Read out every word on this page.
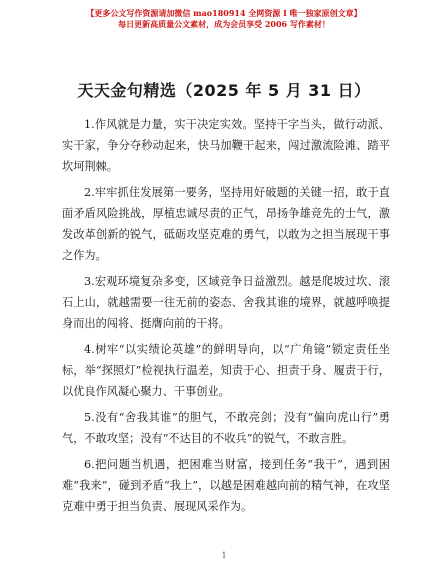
【更多公文写作资源请加微信 mao180914 全网资源 I 唯一独家原创文章】
每日更新高质量公文素材，成为会员享受 2006 写作素材！
天天金句精选（2025 年 5 月 31 日）

1.作风就是力量，实干决定实效。坚持干字当头，做行动派、实干家，争分夺秒动起来，快马加鞭干起来，闯过激流险滩、踏平坎坷荆棘。

2.牢牢抓住发展第一要务，坚持用好破题的关键一招，敢于直面矛盾风险挑战，厚植忠诚尽责的正气，昂扬争雄竞先的士气，激发改革创新的锐气，砥砺攻坚克难的勇气，以敢为之担当展现干事之作为。

3.宏观环境复杂多变，区域竞争日益激烈。越是爬坡过坎、滚石上山，就越需要一往无前的姿态、舍我其谁的境界，就越呼唤提身而出的闯将、挺膺向前的干将。

4.树牢“以实绩论英雄”的鲜明导向，以“广角镜”锁定责任坐标，举“探照灯”检视执行温差，知责于心、担责于身、履责于行，以优良作风凝心聚力、干事创业。

5.没有“舍我其谁”的胆气，不敢亮剑；没有“偏向虎山行”勇气，不敢攻坚；没有“不达目的不收兵”的锐气，不敢言胜。

6.把问题当机遇，把困难当财富，接到任务“我干”，遇到困难“我来”，碰到矛盾“我上”，以越是困难越向前的精气神，在攻坚克难中勇于担当负责、展现风采作为。

1
